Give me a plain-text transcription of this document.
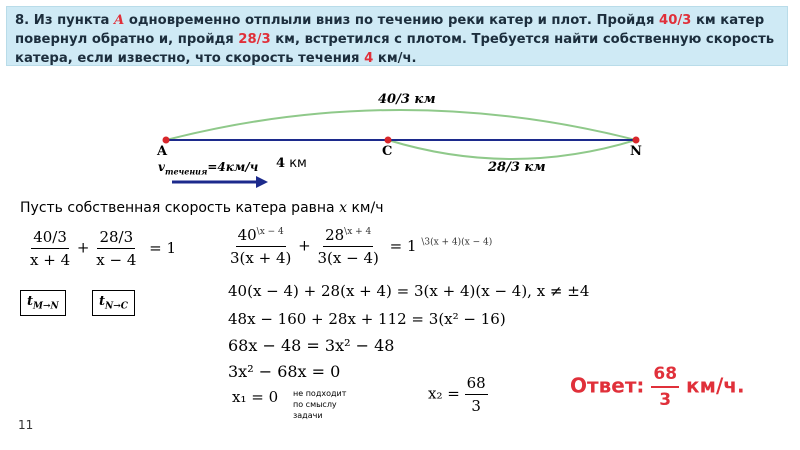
8. Из пункта A одновременно отплыли вниз по течению реки катер и плот. Пройдя 40/3 км катер повернул обратно и, пройдя 28/3 км, встретился с плотом. Требуется найти собственную скорость катера, если известно, что скорость течения 4 км/ч.
40/3 км
A	C	N
$v_{течения}=4км/ч$ 4 км	28/3 км
Пусть собственная скорость катера равна x км/ч
$\frac{40/3}{x + 4} + \frac{28/3}{x - 4} = 1$
$t_{M\to N}$	$t_{N\to C}$
$\frac{40^{\backslash x - 4}}{3(x + 4)} + \frac{28^{\backslash x + 4}}{3(x - 4)} = 1$ $^{\backslash 3(x + 4)(x - 4)}$
40(x − 4) + 28(x + 4) = 3(x + 4)(x − 4), x ≠ ±4
48x − 160 + 28x + 112 = 3(x² − 16)
68x − 48 = 3x² − 48
3x² − 68x = 0
x₁ = 0 не подходит
по смыслу
задачи
$x_2 = \frac{68}{3}$	Ответ: $\frac{68}{3} км/ч$.
11
